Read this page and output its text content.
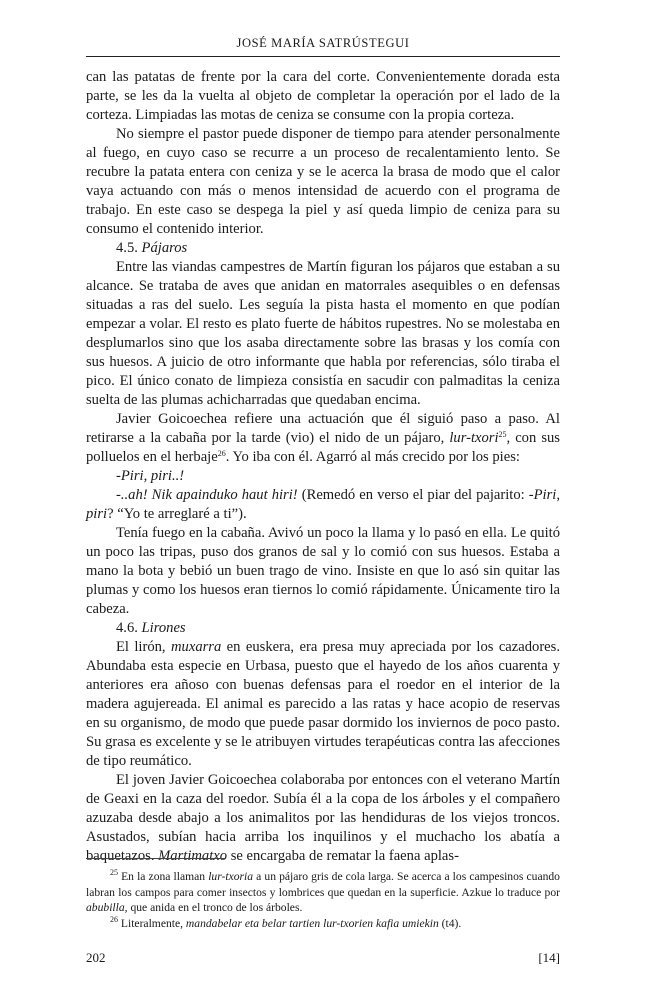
JOSÉ MARÍA SATRÚSTEGUI

can las patatas de frente por la cara del corte. Convenientemente dorada esta parte, se les da la vuelta al objeto de completar la operación por el lado de la corteza. Limpiadas las motas de ceniza se consume con la propia corteza.

No siempre el pastor puede disponer de tiempo para atender personalmente al fuego, en cuyo caso se recurre a un proceso de recalentamiento lento. Se recubre la patata entera con ceniza y se le acerca la brasa de modo que el calor vaya actuando con más o menos intensidad de acuerdo con el programa de trabajo. En este caso se despega la piel y así queda limpio de ceniza para su consumo el contenido interior.

4.5. Pájaros

Entre las viandas campestres de Martín figuran los pájaros que estaban a su alcance. Se trataba de aves que anidan en matorrales asequibles o en defensas situadas a ras del suelo. Les seguía la pista hasta el momento en que podían empezar a volar. El resto es plato fuerte de hábitos rupestres. No se molestaba en desplumarlos sino que los asaba directamente sobre las brasas y los comía con sus huesos. A juicio de otro informante que habla por referencias, sólo tiraba el pico. El único conato de limpieza consistía en sacudir con palmaditas la ceniza suelta de las plumas achicharradas que quedaban encima.

Javier Goicoechea refiere una actuación que él siguió paso a paso. Al retirarse a la cabaña por la tarde (vio) el nido de un pájaro, lur-txori$^{25}$, con sus polluelos en el herbaje$^{26}$. Yo iba con él. Agarró al más crecido por los pies:

-Piri, piri..!

-..ah! Nik apainduko haut hiri! (Remedó en verso el piar del pajarito: -Piri, piri? “Yo te arreglaré a ti”).

Tenía fuego en la cabaña. Avivó un poco la llama y lo pasó en ella. Le quitó un poco las tripas, puso dos granos de sal y lo comió con sus huesos. Estaba a mano la bota y bebió un buen trago de vino. Insiste en que lo asó sin quitar las plumas y como los huesos eran tiernos lo comió rápidamente. Únicamente tiro la cabeza.

4.6. Lirones

El lirón, muxarra en euskera, era presa muy apreciada por los cazadores. Abundaba esta especie en Urbasa, puesto que el hayedo de los años cuarenta y anteriores era añoso con buenas defensas para el roedor en el interior de la madera agujereada. El animal es parecido a las ratas y hace acopio de reservas en su organismo, de modo que puede pasar dormido los inviernos de poco pasto. Su grasa es excelente y se le atribuyen virtudes terapéuticas contra las afecciones de tipo reumático.

El joven Javier Goicoechea colaboraba por entonces con el veterano Martín de Geaxi en la caza del roedor. Subía él a la copa de los árboles y el compañero azuzaba desde abajo a los animalitos por las hendiduras de los viejos troncos. Asustados, subían hacia arriba los inquilinos y el muchacho los abatía a baquetazos. Martimatxo se encargaba de rematar la faena aplas-

$^{25}$ En la zona llaman lur-txoria a un pájaro gris de cola larga. Se acerca a los campesinos cuando labran los campos para comer insectos y lombrices que quedan en la superficie. Azkue lo traduce por abubilla, que anida en el tronco de los árboles.

$^{26}$ Literalmente, mandabelar eta belar tartien lur-txorien kafia umiekin (t4).

202	[14]
